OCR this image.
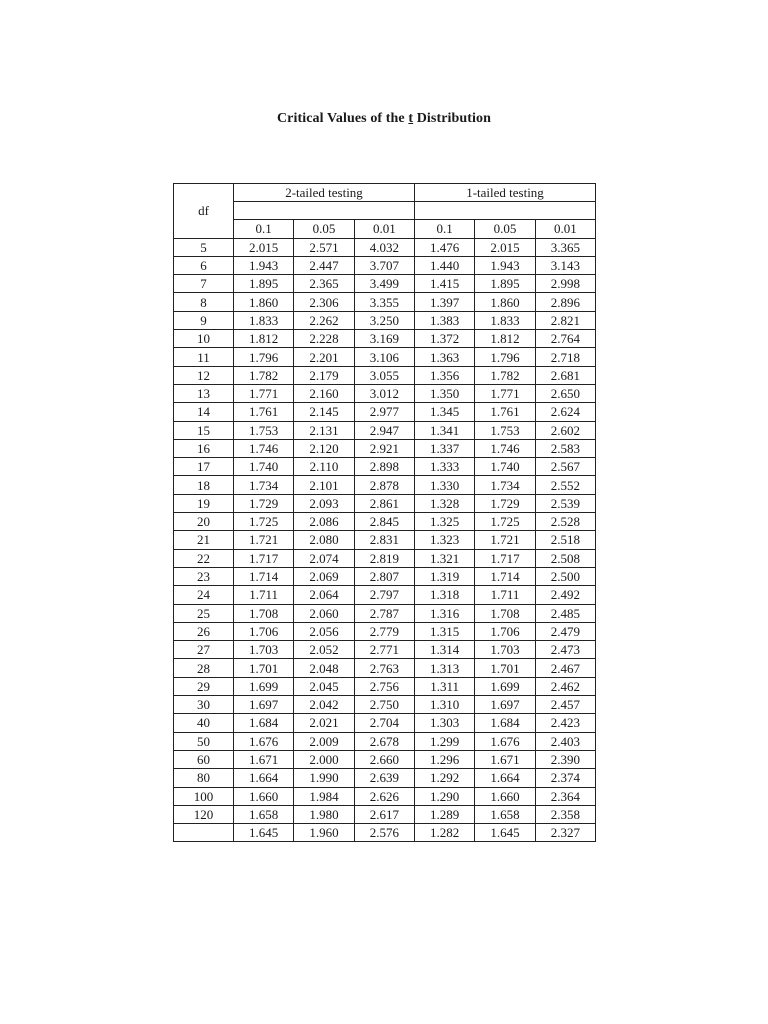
Critical Values of the t Distribution
df	2-tailed testing			1-tailed testing		

	0.1	0.05	0.01	0.1	0.05	0.01
5	2.015	2.571	4.032	1.476	2.015	3.365
6	1.943	2.447	3.707	1.440	1.943	3.143
7	1.895	2.365	3.499	1.415	1.895	2.998
8	1.860	2.306	3.355	1.397	1.860	2.896
9	1.833	2.262	3.250	1.383	1.833	2.821
10	1.812	2.228	3.169	1.372	1.812	2.764
11	1.796	2.201	3.106	1.363	1.796	2.718
12	1.782	2.179	3.055	1.356	1.782	2.681
13	1.771	2.160	3.012	1.350	1.771	2.650
14	1.761	2.145	2.977	1.345	1.761	2.624
15	1.753	2.131	2.947	1.341	1.753	2.602
16	1.746	2.120	2.921	1.337	1.746	2.583
17	1.740	2.110	2.898	1.333	1.740	2.567
18	1.734	2.101	2.878	1.330	1.734	2.552
19	1.729	2.093	2.861	1.328	1.729	2.539
20	1.725	2.086	2.845	1.325	1.725	2.528
21	1.721	2.080	2.831	1.323	1.721	2.518
22	1.717	2.074	2.819	1.321	1.717	2.508
23	1.714	2.069	2.807	1.319	1.714	2.500
24	1.711	2.064	2.797	1.318	1.711	2.492
25	1.708	2.060	2.787	1.316	1.708	2.485
26	1.706	2.056	2.779	1.315	1.706	2.479
27	1.703	2.052	2.771	1.314	1.703	2.473
28	1.701	2.048	2.763	1.313	1.701	2.467
29	1.699	2.045	2.756	1.311	1.699	2.462
30	1.697	2.042	2.750	1.310	1.697	2.457
40	1.684	2.021	2.704	1.303	1.684	2.423
50	1.676	2.009	2.678	1.299	1.676	2.403
60	1.671	2.000	2.660	1.296	1.671	2.390
80	1.664	1.990	2.639	1.292	1.664	2.374
100	1.660	1.984	2.626	1.290	1.660	2.364
120	1.658	1.980	2.617	1.289	1.658	2.358
	1.645	1.960	2.576	1.282	1.645	2.327
